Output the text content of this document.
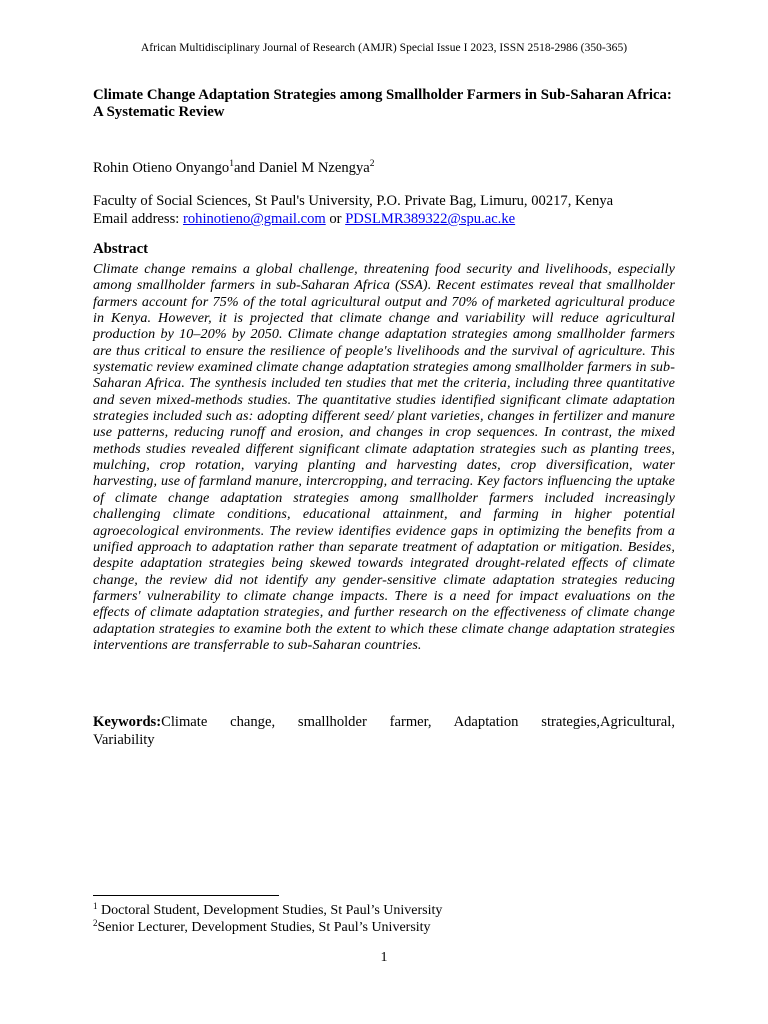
African Multidisciplinary Journal of Research (AMJR) Special Issue I 2023, ISSN 2518-2986 (350-365)
Climate Change Adaptation Strategies among Smallholder Farmers in Sub-Saharan Africa: A Systematic Review
Rohin Otieno Onyango$^1$and Daniel M Nzengya$^2$
Faculty of Social Sciences, St Paul's University, P.O. Private Bag, Limuru, 00217, Kenya
Email address: rohinotieno@gmail.com or PDSLMR389322@spu.ac.ke
Abstract
Climate change remains a global challenge, threatening food security and livelihoods, especially among smallholder farmers in sub-Saharan Africa (SSA). Recent estimates reveal that smallholder farmers account for 75% of the total agricultural output and 70% of marketed agricultural produce in Kenya. However, it is projected that climate change and variability will reduce agricultural production by 10–20% by 2050. Climate change adaptation strategies among smallholder farmers are thus critical to ensure the resilience of people's livelihoods and the survival of agriculture. This systematic review examined climate change adaptation strategies among smallholder farmers in sub-Saharan Africa. The synthesis included ten studies that met the criteria, including three quantitative and seven mixed-methods studies. The quantitative studies identified significant climate adaptation strategies included such as: adopting different seed/ plant varieties, changes in fertilizer and manure use patterns, reducing runoff and erosion, and changes in crop sequences. In contrast, the mixed methods studies revealed different significant climate adaptation strategies such as planting trees, mulching, crop rotation, varying planting and harvesting dates, crop diversification, water harvesting, use of farmland manure, intercropping, and terracing. Key factors influencing the uptake of climate change adaptation strategies among smallholder farmers included increasingly challenging climate conditions, educational attainment, and farming in higher potential agroecological environments. The review identifies evidence gaps in optimizing the benefits from a unified approach to adaptation rather than separate treatment of adaptation or mitigation. Besides, despite adaptation strategies being skewed towards integrated drought-related effects of climate change, the review did not identify any gender-sensitive climate adaptation strategies reducing farmers' vulnerability to climate change impacts. There is a need for impact evaluations on the effects of climate adaptation strategies, and further research on the effectiveness of climate change adaptation strategies to examine both the extent to which these climate change adaptation strategies interventions are transferrable to sub-Saharan countries.
Keywords:Climate change, smallholder farmer, Adaptation strategies,Agricultural, Variability
$^1$ Doctoral Student, Development Studies, St Paul’s University
$^2$Senior Lecturer, Development Studies, St Paul’s University
1
